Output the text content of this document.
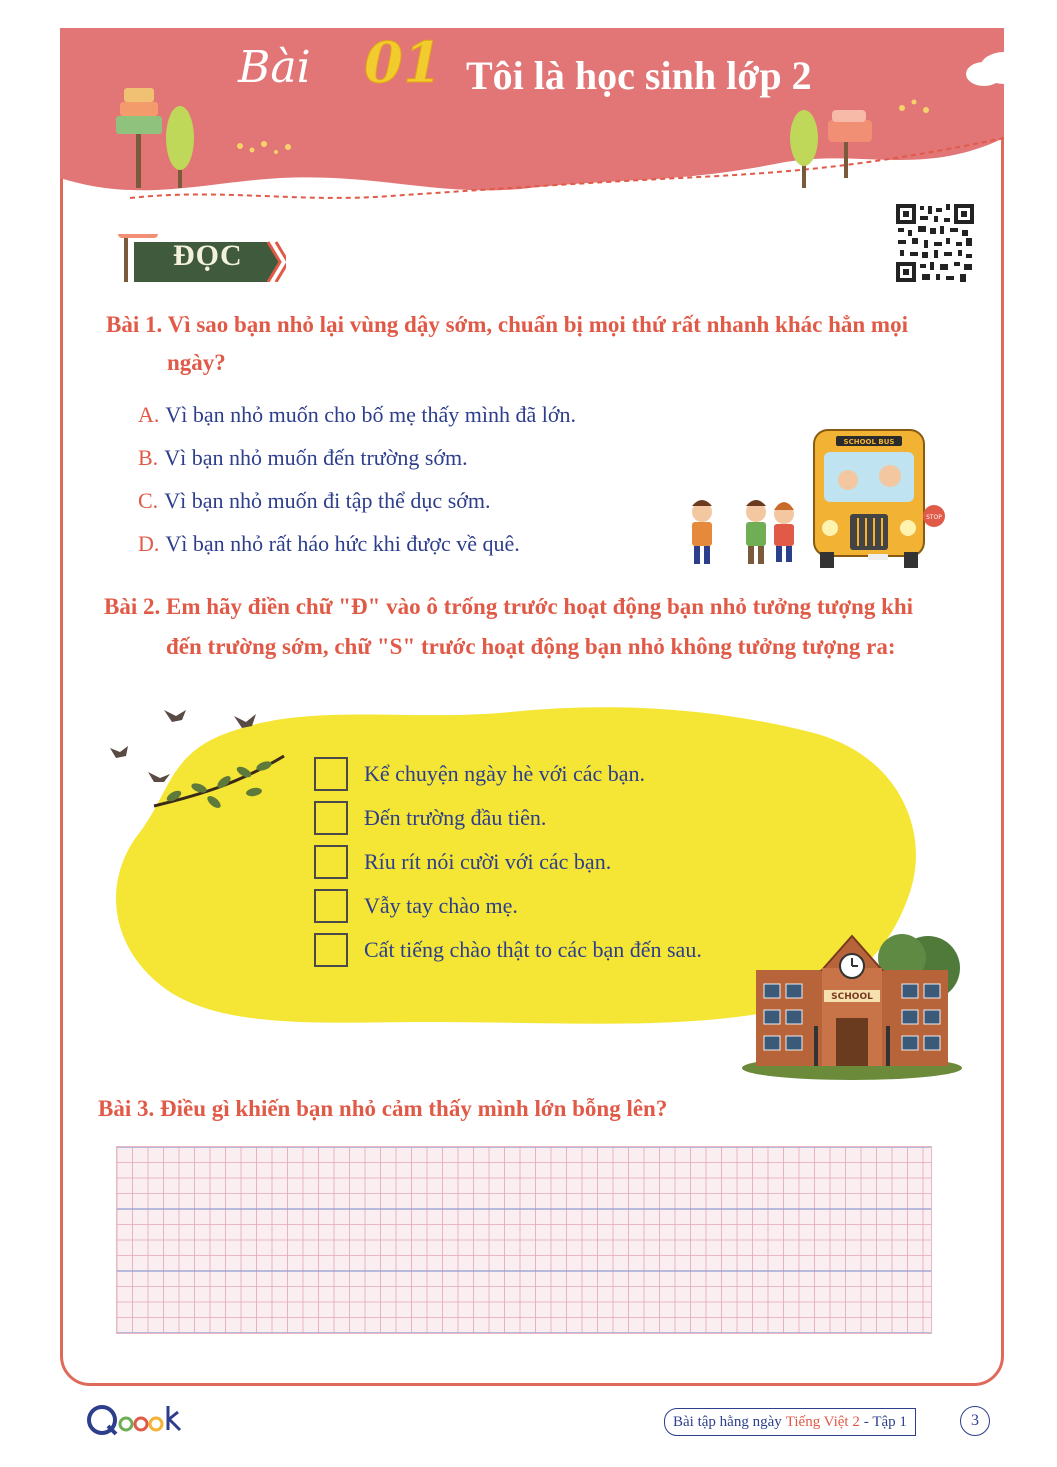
Bài 01 Tôi là học sinh lớp 2
ĐỌC
Bài 1. Vì sao bạn nhỏ lại vùng dậy sớm, chuẩn bị mọi thứ rất nhanh khác hẳn mọi
ngày?
A. Vì bạn nhỏ muốn cho bố mẹ thấy mình đã lớn.
B. Vì bạn nhỏ muốn đến trường sớm.
C. Vì bạn nhỏ muốn đi tập thể dục sớm.
D. Vì bạn nhỏ rất háo hức khi được về quê.
SCHOOL BUS
STOP
Bài 2. Em hãy điền chữ "Đ" vào ô trống trước hoạt động bạn nhỏ tưởng tượng khi
đến trường sớm, chữ "S" trước hoạt động bạn nhỏ không tưởng tượng ra:
Kể chuyện ngày hè với các bạn.
Đến trường đầu tiên.
Ríu rít nói cười với các bạn.
Vẫy tay chào mẹ.
Cất tiếng chào thật to các bạn đến sau.
SCHOOL
Bài 3. Điều gì khiến bạn nhỏ cảm thấy mình lớn bỗng lên?
Bài tập hằng ngày Tiếng Việt 2 - Tập 1	3
